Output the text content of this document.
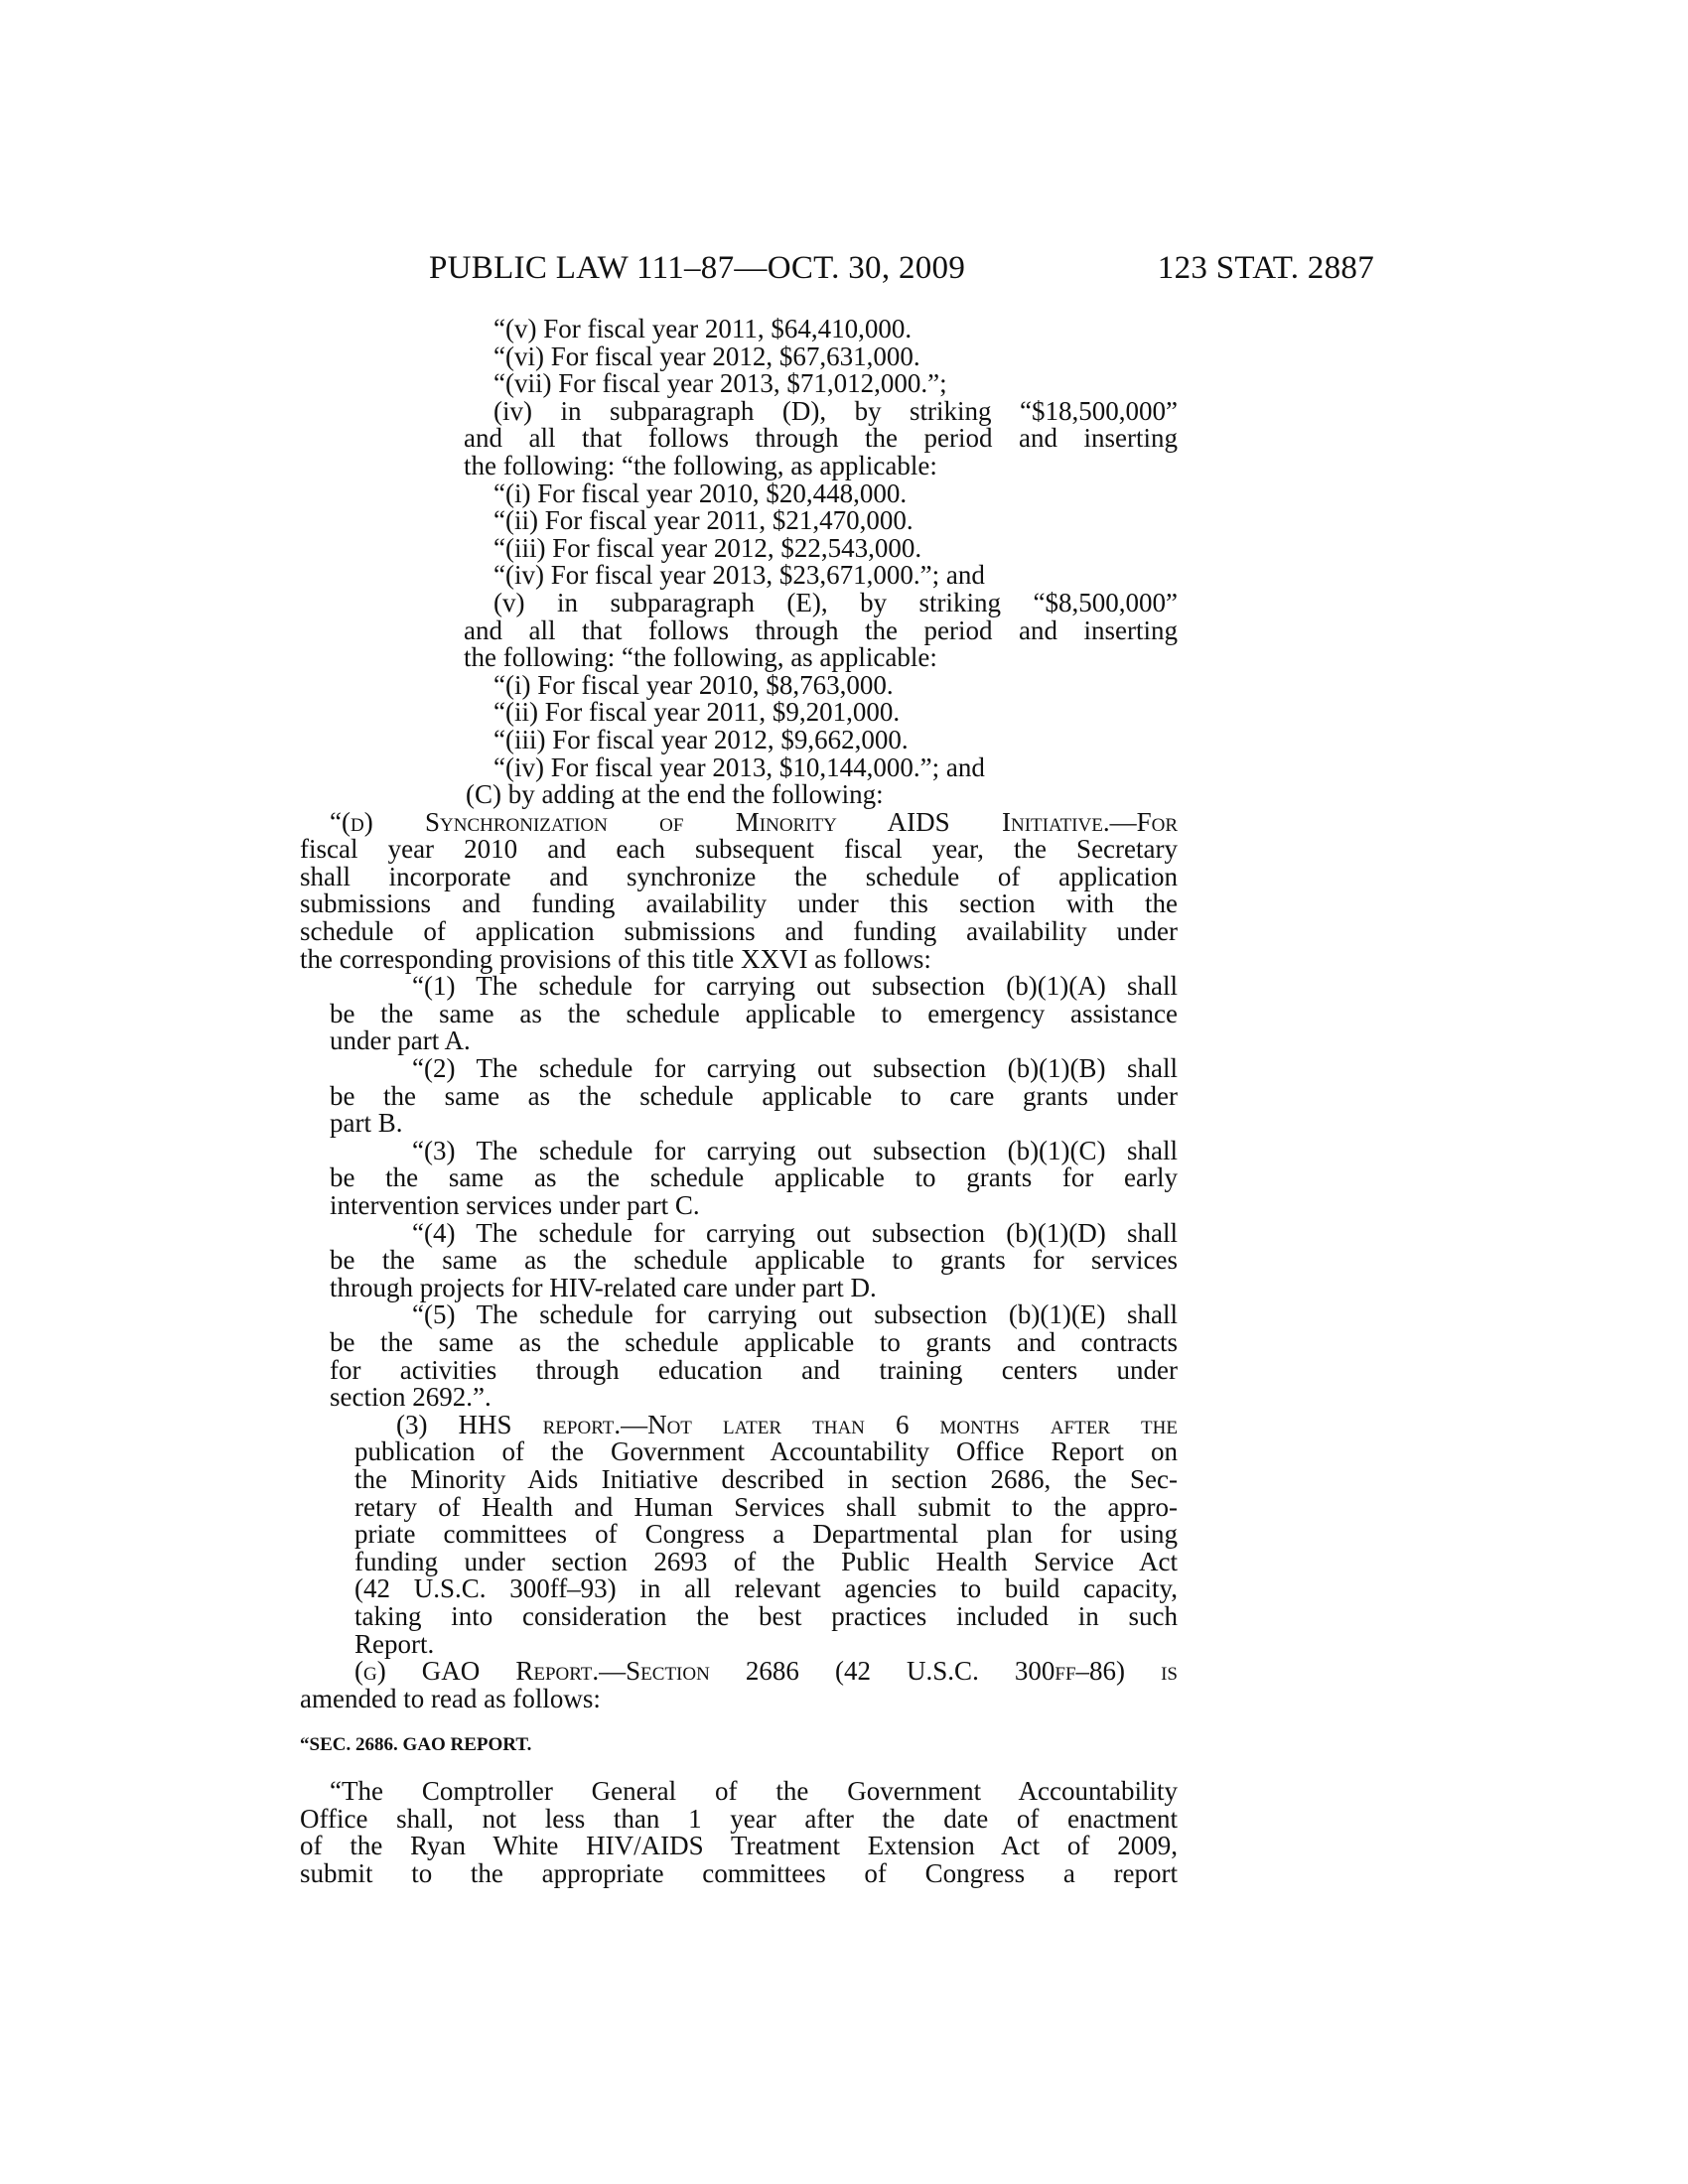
PUBLIC LAW 111–87—OCT. 30, 2009	123 STAT. 2887
“(v) For fiscal year 2011, $64,410,000.
“(vi) For fiscal year 2012, $67,631,000.
“(vii) For fiscal year 2013, $71,012,000.”;
(iv) in subparagraph (D), by striking “$18,500,000”
and all that follows through the period and inserting
the following: “the following, as applicable:
“(i) For fiscal year 2010, $20,448,000.
“(ii) For fiscal year 2011, $21,470,000.
“(iii) For fiscal year 2012, $22,543,000.
“(iv) For fiscal year 2013, $23,671,000.”; and
(v) in subparagraph (E), by striking “$8,500,000”
and all that follows through the period and inserting
the following: “the following, as applicable:
“(i) For fiscal year 2010, $8,763,000.
“(ii) For fiscal year 2011, $9,201,000.
“(iii) For fiscal year 2012, $9,662,000.
“(iv) For fiscal year 2013, $10,144,000.”; and
(C) by adding at the end the following:
“(d) Synchronization of Minority AIDS Initiative.—For
fiscal year 2010 and each subsequent fiscal year, the Secretary
shall incorporate and synchronize the schedule of application
submissions and funding availability under this section with the
schedule of application submissions and funding availability under
the corresponding provisions of this title XXVI as follows:
“(1) The schedule for carrying out subsection (b)(1)(A) shall
be the same as the schedule applicable to emergency assistance
under part A.
“(2) The schedule for carrying out subsection (b)(1)(B) shall
be the same as the schedule applicable to care grants under
part B.
“(3) The schedule for carrying out subsection (b)(1)(C) shall
be the same as the schedule applicable to grants for early
intervention services under part C.
“(4) The schedule for carrying out subsection (b)(1)(D) shall
be the same as the schedule applicable to grants for services
through projects for HIV-related care under part D.
“(5) The schedule for carrying out subsection (b)(1)(E) shall
be the same as the schedule applicable to grants and contracts
for activities through education and training centers under
section 2692.”.
(3) HHS report.—Not later than 6 months after the
publication of the Government Accountability Office Report on
the Minority Aids Initiative described in section 2686, the Sec-
retary of Health and Human Services shall submit to the appro-
priate committees of Congress a Departmental plan for using
funding under section 2693 of the Public Health Service Act
(42 U.S.C. 300ff–93) in all relevant agencies to build capacity,
taking into consideration the best practices included in such
Report.
(g) GAO Report.—Section 2686 (42 U.S.C. 300ff–86) is
amended to read as follows:
“SEC. 2686. GAO REPORT.
“The Comptroller General of the Government Accountability
Office shall, not less than 1 year after the date of enactment
of the Ryan White HIV/AIDS Treatment Extension Act of 2009,
submit to the appropriate committees of Congress a report
